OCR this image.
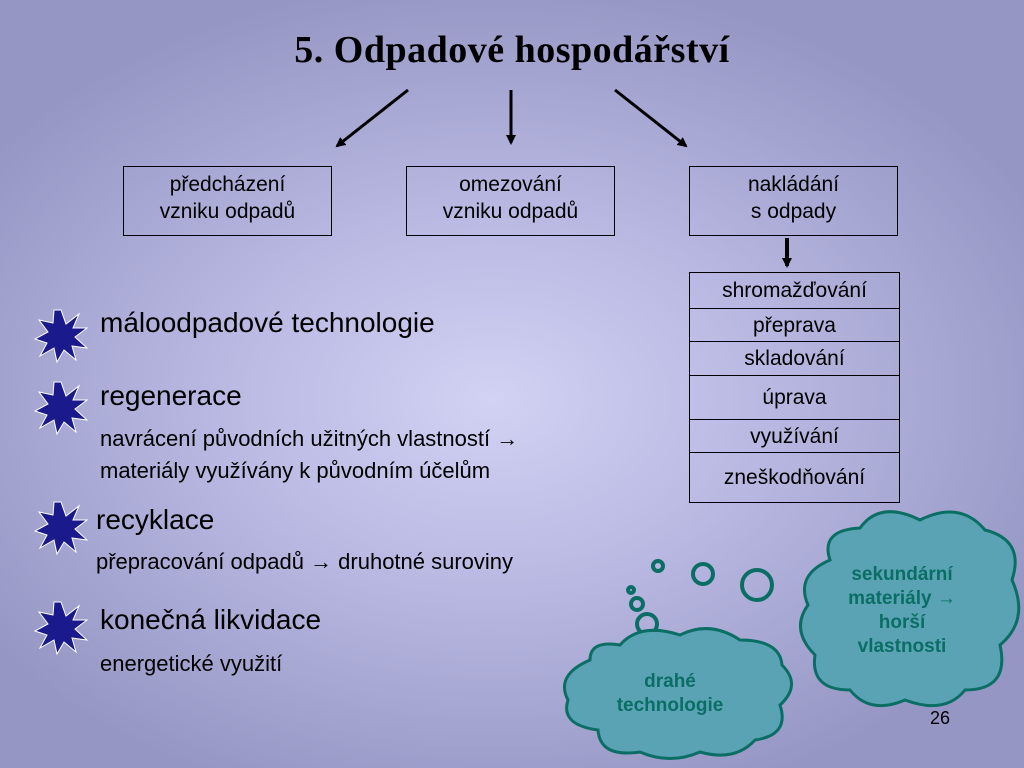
5. Odpadové hospodářství
předcházení
vzniku odpadů
omezování
vzniku odpadů
nakládání
s odpady
shromažďování
přeprava
skladování
úprava
využívání
zneškodňování
máloodpadové technologie
regenerace
navrácení původních užitných vlastností →
materiály využívány k původním účelům
recyklace
přepracování odpadů → druhotné suroviny
konečná likvidace
energetické využití
sekundární
materiály →
horší
vlastnosti
drahé
technologie
26
